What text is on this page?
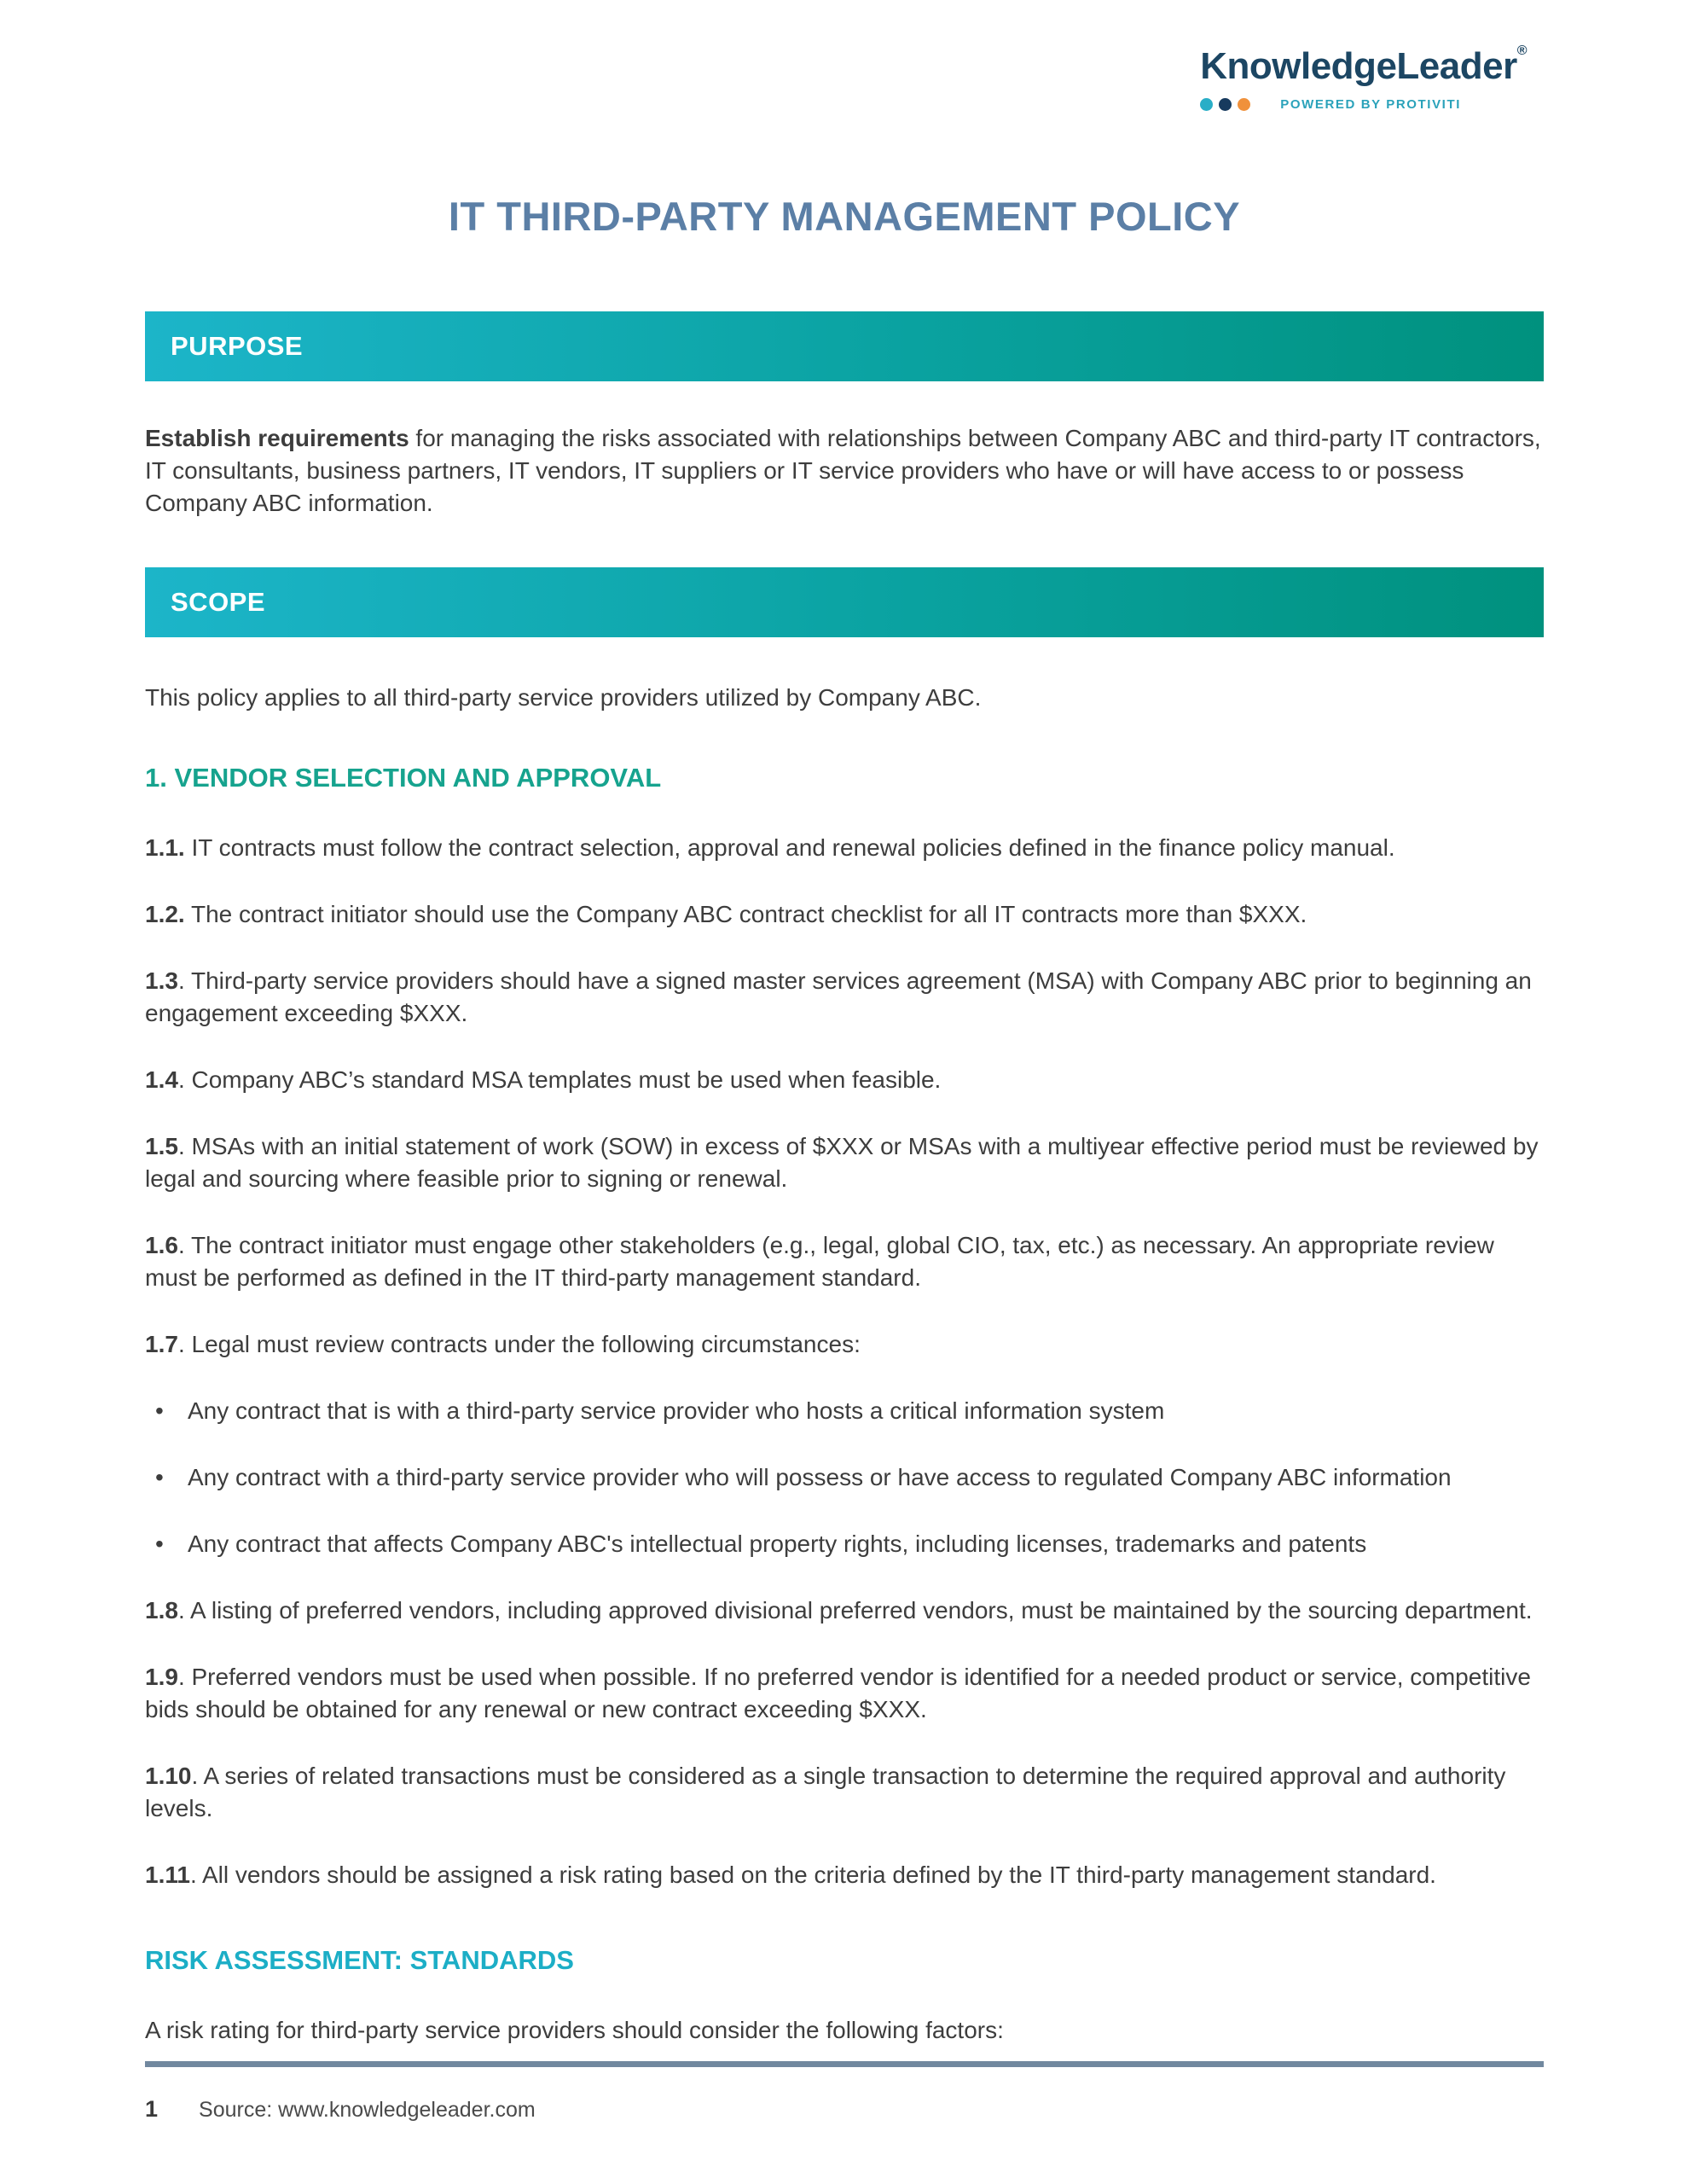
KnowledgeLeader®
POWERED BY PROTIVITI
IT THIRD-PARTY MANAGEMENT POLICY
PURPOSE

Establish requirements for managing the risks associated with relationships between Company ABC and third-party IT contractors, IT consultants, business partners, IT vendors, IT suppliers or IT service providers who have or will have access to or possess Company ABC information.

SCOPE

This policy applies to all third-party service providers utilized by Company ABC.

1. VENDOR SELECTION AND APPROVAL

1.1. IT contracts must follow the contract selection, approval and renewal policies defined in the finance policy manual.

1.2. The contract initiator should use the Company ABC contract checklist for all IT contracts more than $XXX.

1.3. Third-party service providers should have a signed master services agreement (MSA) with Company ABC prior to beginning an engagement exceeding $XXX.

1.4. Company ABC’s standard MSA templates must be used when feasible.

1.5. MSAs with an initial statement of work (SOW) in excess of $XXX or MSAs with a multiyear effective period must be reviewed by legal and sourcing where feasible prior to signing or renewal.

1.6. The contract initiator must engage other stakeholders (e.g., legal, global CIO, tax, etc.) as necessary. An appropriate review must be performed as defined in the IT third-party management standard.

1.7. Legal must review contracts under the following circumstances:

• Any contract that is with a third-party service provider who hosts a critical information system
• Any contract with a third-party service provider who will possess or have access to regulated Company ABC information
• Any contract that affects Company ABC's intellectual property rights, including licenses, trademarks and patents

1.8. A listing of preferred vendors, including approved divisional preferred vendors, must be maintained by the sourcing department.

1.9. Preferred vendors must be used when possible. If no preferred vendor is identified for a needed product or service, competitive bids should be obtained for any renewal or new contract exceeding $XXX.

1.10. A series of related transactions must be considered as a single transaction to determine the required approval and authority levels.

1.11. All vendors should be assigned a risk rating based on the criteria defined by the IT third-party management standard.

RISK ASSESSMENT: STANDARDS

A risk rating for third-party service providers should consider the following factors:

1 Source: www.knowledgeleader.com
